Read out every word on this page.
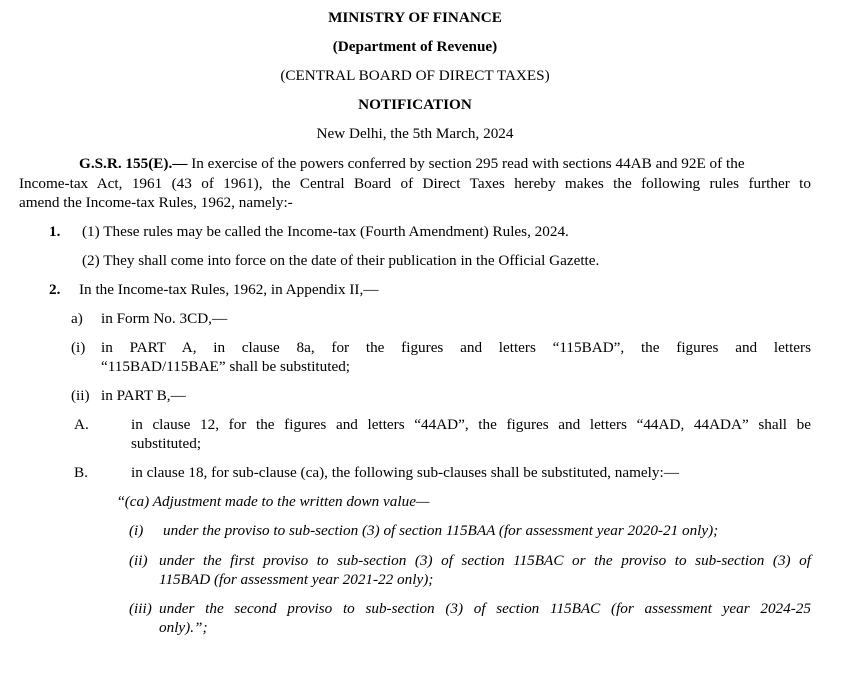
MINISTRY OF FINANCE
(Department of Revenue)
(CENTRAL BOARD OF DIRECT TAXES)
NOTIFICATION
New Delhi, the 5th March, 2024
G.S.R. 155(E).— In exercise of the powers conferred by section 295 read with sections 44AB and 92E of the
Income-tax Act, 1961 (43 of 1961), the Central Board of Direct Taxes hereby makes the following rules further to
amend the Income-tax Rules, 1962, namely:-
1. (1) These rules may be called the Income-tax (Fourth Amendment) Rules, 2024.
(2) They shall come into force on the date of their publication in the Official Gazette.
2. In the Income-tax Rules, 1962, in Appendix II,—
a) in Form No. 3CD,—
(i) in PART A, in clause 8a, for the figures and letters “115BAD”, the figures and letters
“115BAD/115BAE” shall be substituted;
(ii) in PART B,—
A.	in clause 12, for the figures and letters “44AD”, the figures and letters “44AD, 44ADA” shall be
substituted;
B.	in clause 18, for sub-clause (ca), the following sub-clauses shall be substituted, namely:—
“(ca) Adjustment made to the written down value—
(i) under the proviso to sub-section (3) of section 115BAA (for assessment year 2020-21 only);
(ii) under the first proviso to sub-section (3) of section 115BAC or the proviso to sub-section (3) of
115BAD (for assessment year 2021-22 only);
(iii) under the second proviso to sub-section (3) of section 115BAC (for assessment year 2024-25
only).”;
